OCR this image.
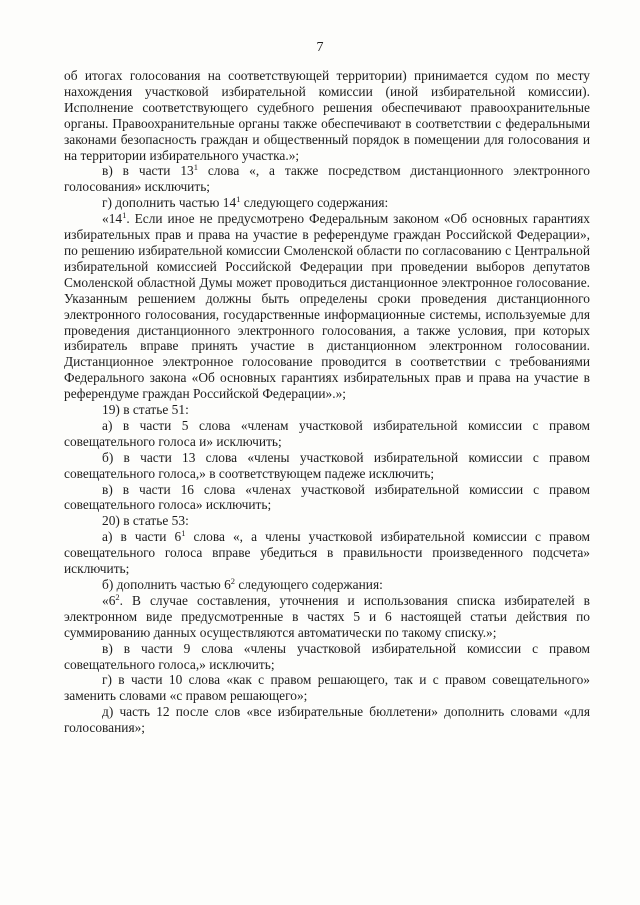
7

об итогах голосования на соответствующей территории) принимается судом по месту нахождения участковой избирательной комиссии (иной избирательной комиссии). Исполнение соответствующего судебного решения обеспечивают правоохранительные органы. Правоохранительные органы также обеспечивают в соответствии с федеральными законами безопасность граждан и общественный порядок в помещении для голосования и на территории избирательного участка.»;

в) в части $13^1$ слова «, а также посредством дистанционного электронного голосования» исключить;

г) дополнить частью $14^1$ следующего содержания:

«$14^1$. Если иное не предусмотрено Федеральным законом «Об основных гарантиях избирательных прав и права на участие в референдуме граждан Российской Федерации», по решению избирательной комиссии Смоленской области по согласованию с Центральной избирательной комиссией Российской Федерации при проведении выборов депутатов Смоленской областной Думы может проводиться дистанционное электронное голосование. Указанным решением должны быть определены сроки проведения дистанционного электронного голосования, государственные информационные системы, используемые для проведения дистанционного электронного голосования, а также условия, при которых избиратель вправе принять участие в дистанционном электронном голосовании. Дистанционное электронное голосование проводится в соответствии с требованиями Федерального закона «Об основных гарантиях избирательных прав и права на участие в референдуме граждан Российской Федерации».»;

19) в статье 51:

а) в части 5 слова «членам участковой избирательной комиссии с правом совещательного голоса и» исключить;

б) в части 13 слова «члены участковой избирательной комиссии с правом совещательного голоса,» в соответствующем падеже исключить;

в) в части 16 слова «членах участковой избирательной комиссии с правом совещательного голоса» исключить;

20) в статье 53:

а) в части $6^1$ слова «, а члены участковой избирательной комиссии с правом совещательного голоса вправе убедиться в правильности произведенного подсчета» исключить;

б) дополнить частью $6^2$ следующего содержания:

«$6^2$. В случае составления, уточнения и использования списка избирателей в электронном виде предусмотренные в частях 5 и 6 настоящей статьи действия по суммированию данных осуществляются автоматически по такому списку.»;

в) в части 9 слова «члены участковой избирательной комиссии с правом совещательного голоса,» исключить;

г) в части 10 слова «как с правом решающего, так и с правом совещательного» заменить словами «с правом решающего»;

д) часть 12 после слов «все избирательные бюллетени» дополнить словами «для голосования»;
